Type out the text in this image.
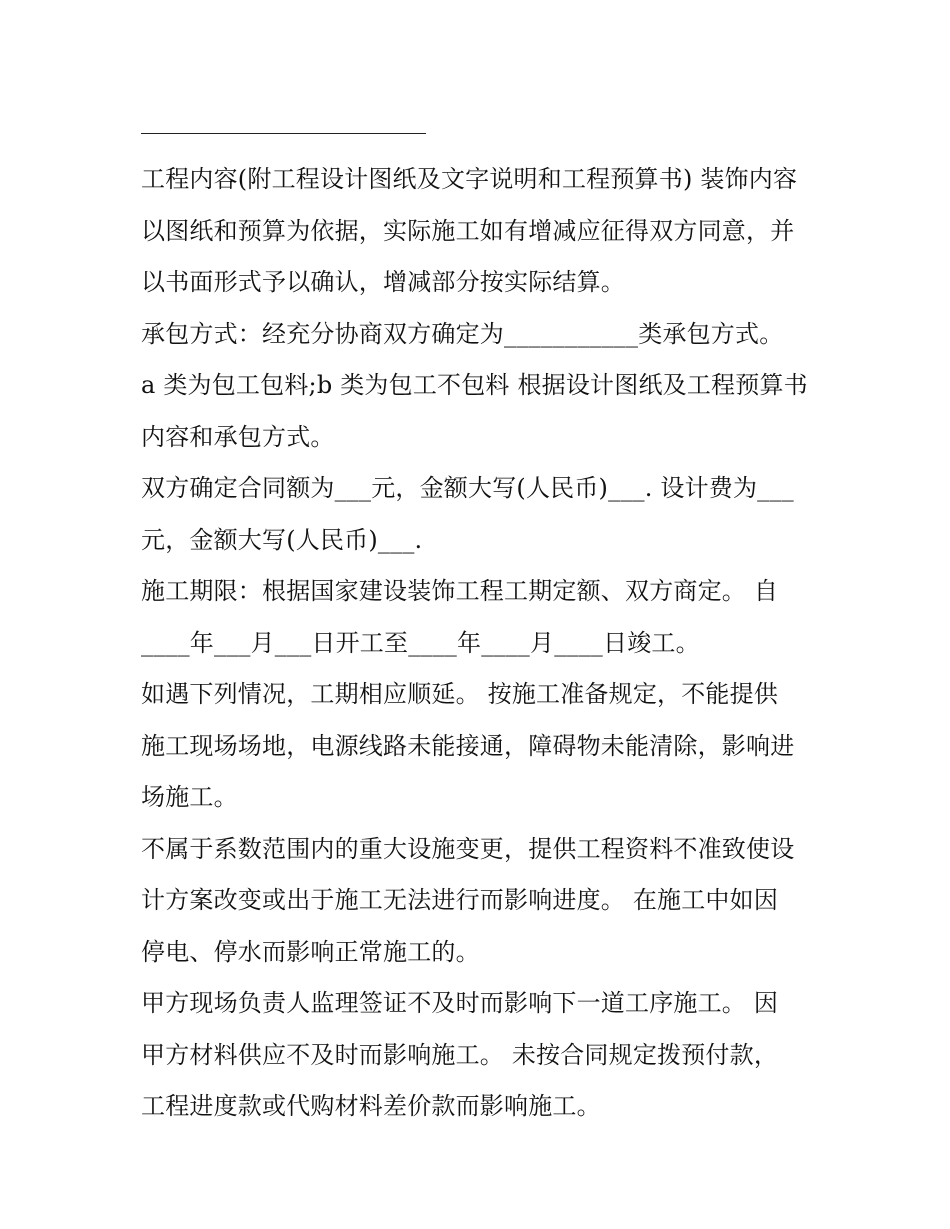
工程内容(附工程设计图纸及文字说明和工程预算书) 装饰内容
以图纸和预算为依据，实际施工如有增减应征得双方同意，并
以书面形式予以确认，增减部分按实际结算。
承包方式：经充分协商双方确定为___________类承包方式。
a 类为包工包料;b 类为包工不包料 根据设计图纸及工程预算书
内容和承包方式。
双方确定合同额为___元，金额大写(人民币)___. 设计费为___
元，金额大写(人民币)___.
施工期限：根据国家建设装饰工程工期定额、双方商定。 自
____年___月___日开工至____年____月____日竣工。
如遇下列情况，工期相应顺延。 按施工准备规定，不能提供
施工现场场地，电源线路未能接通，障碍物未能清除，影响进
场施工。
不属于系数范围内的重大设施变更，提供工程资料不准致使设
计方案改变或出于施工无法进行而影响进度。 在施工中如因
停电、停水而影响正常施工的。
甲方现场负责人监理签证不及时而影响下一道工序施工。 因
甲方材料供应不及时而影响施工。 未按合同规定拨预付款，
工程进度款或代购材料差价款而影响施工。
